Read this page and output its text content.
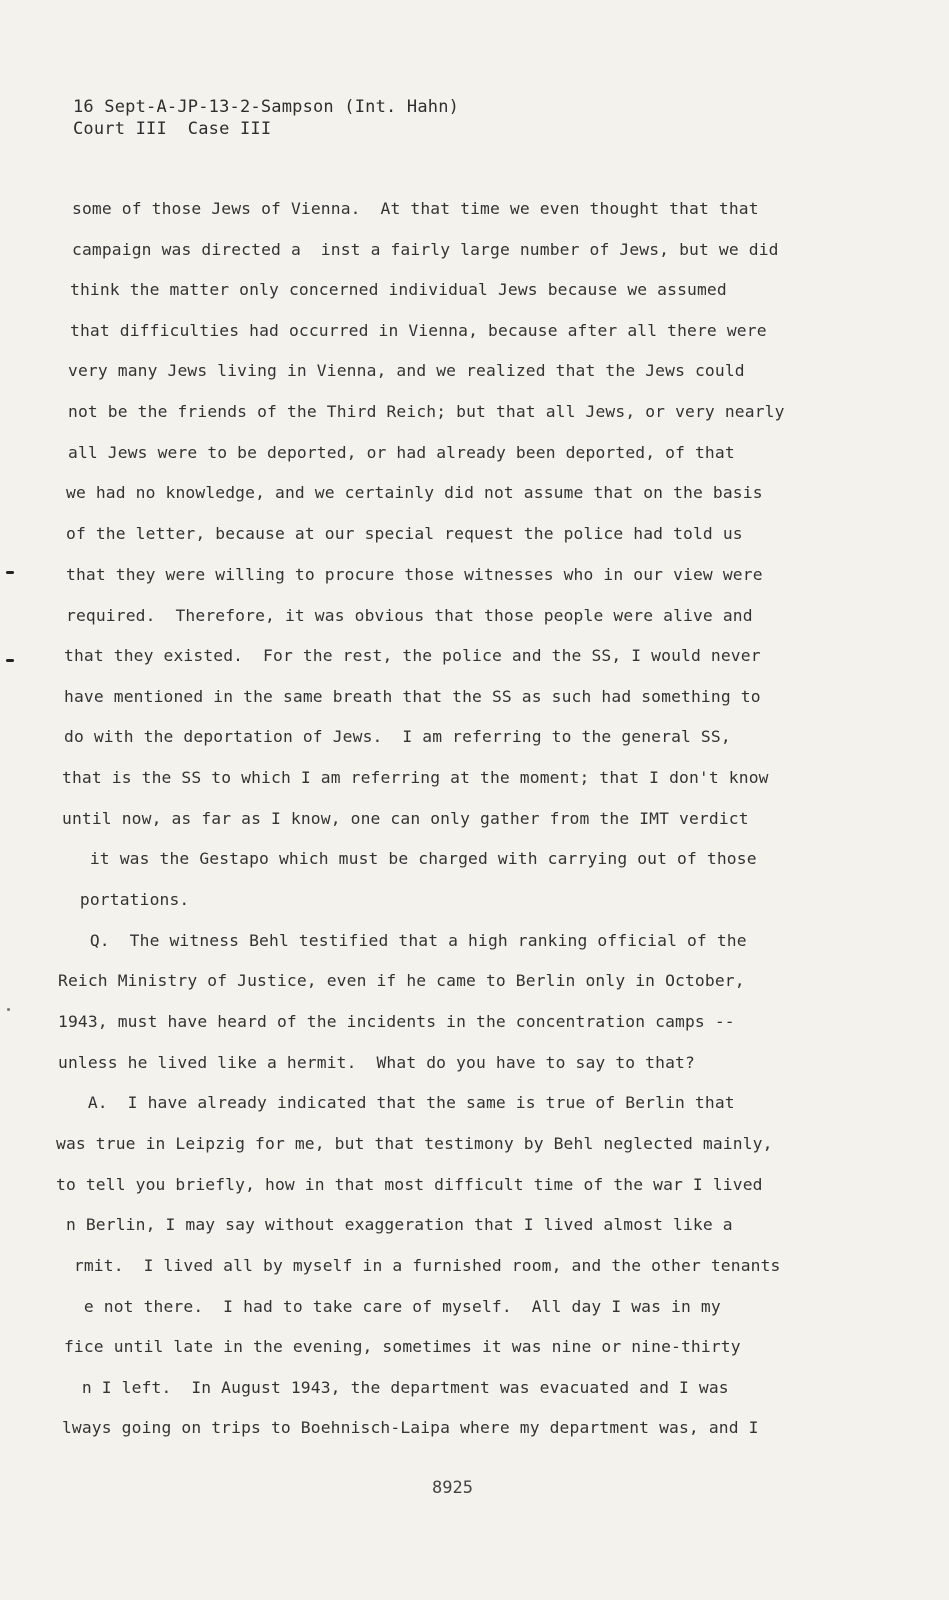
16 Sept-A-JP-13-2-Sampson (Int. Hahn)
Court III  Case III
some of those Jews of Vienna.  At that time we even thought that that
campaign was directed a  inst a fairly large number of Jews, but we did
think the matter only concerned individual Jews because we assumed
that difficulties had occurred in Vienna, because after all there were
very many Jews living in Vienna, and we realized that the Jews could
not be the friends of the Third Reich; but that all Jews, or very nearly
all Jews were to be deported, or had already been deported, of that
we had no knowledge, and we certainly did not assume that on the basis
of the letter, because at our special request the police had told us
that they were willing to procure those witnesses who in our view were
required.  Therefore, it was obvious that those people were alive and
that they existed.  For the rest, the police and the SS, I would never
have mentioned in the same breath that the SS as such had something to
do with the deportation of Jews.  I am referring to the general SS,
that is the SS to which I am referring at the moment; that I don't know
until now, as far as I know, one can only gather from the IMT verdict
it was the Gestapo which must be charged with carrying out of those
portations.
Q.  The witness Behl testified that a high ranking official of the
Reich Ministry of Justice, even if he came to Berlin only in October,
1943, must have heard of the incidents in the concentration camps --
unless he lived like a hermit.  What do you have to say to that?
A.  I have already indicated that the same is true of Berlin that
was true in Leipzig for me, but that testimony by Behl neglected mainly,
to tell you briefly, how in that most difficult time of the war I lived
n Berlin, I may say without exaggeration that I lived almost like a
rmit.  I lived all by myself in a furnished room, and the other tenants
e not there.  I had to take care of myself.  All day I was in my
fice until late in the evening, sometimes it was nine or nine-thirty
n I left.  In August 1943, the department was evacuated and I was
lways going on trips to Boehnisch-Laipa where my department was, and I
8925
